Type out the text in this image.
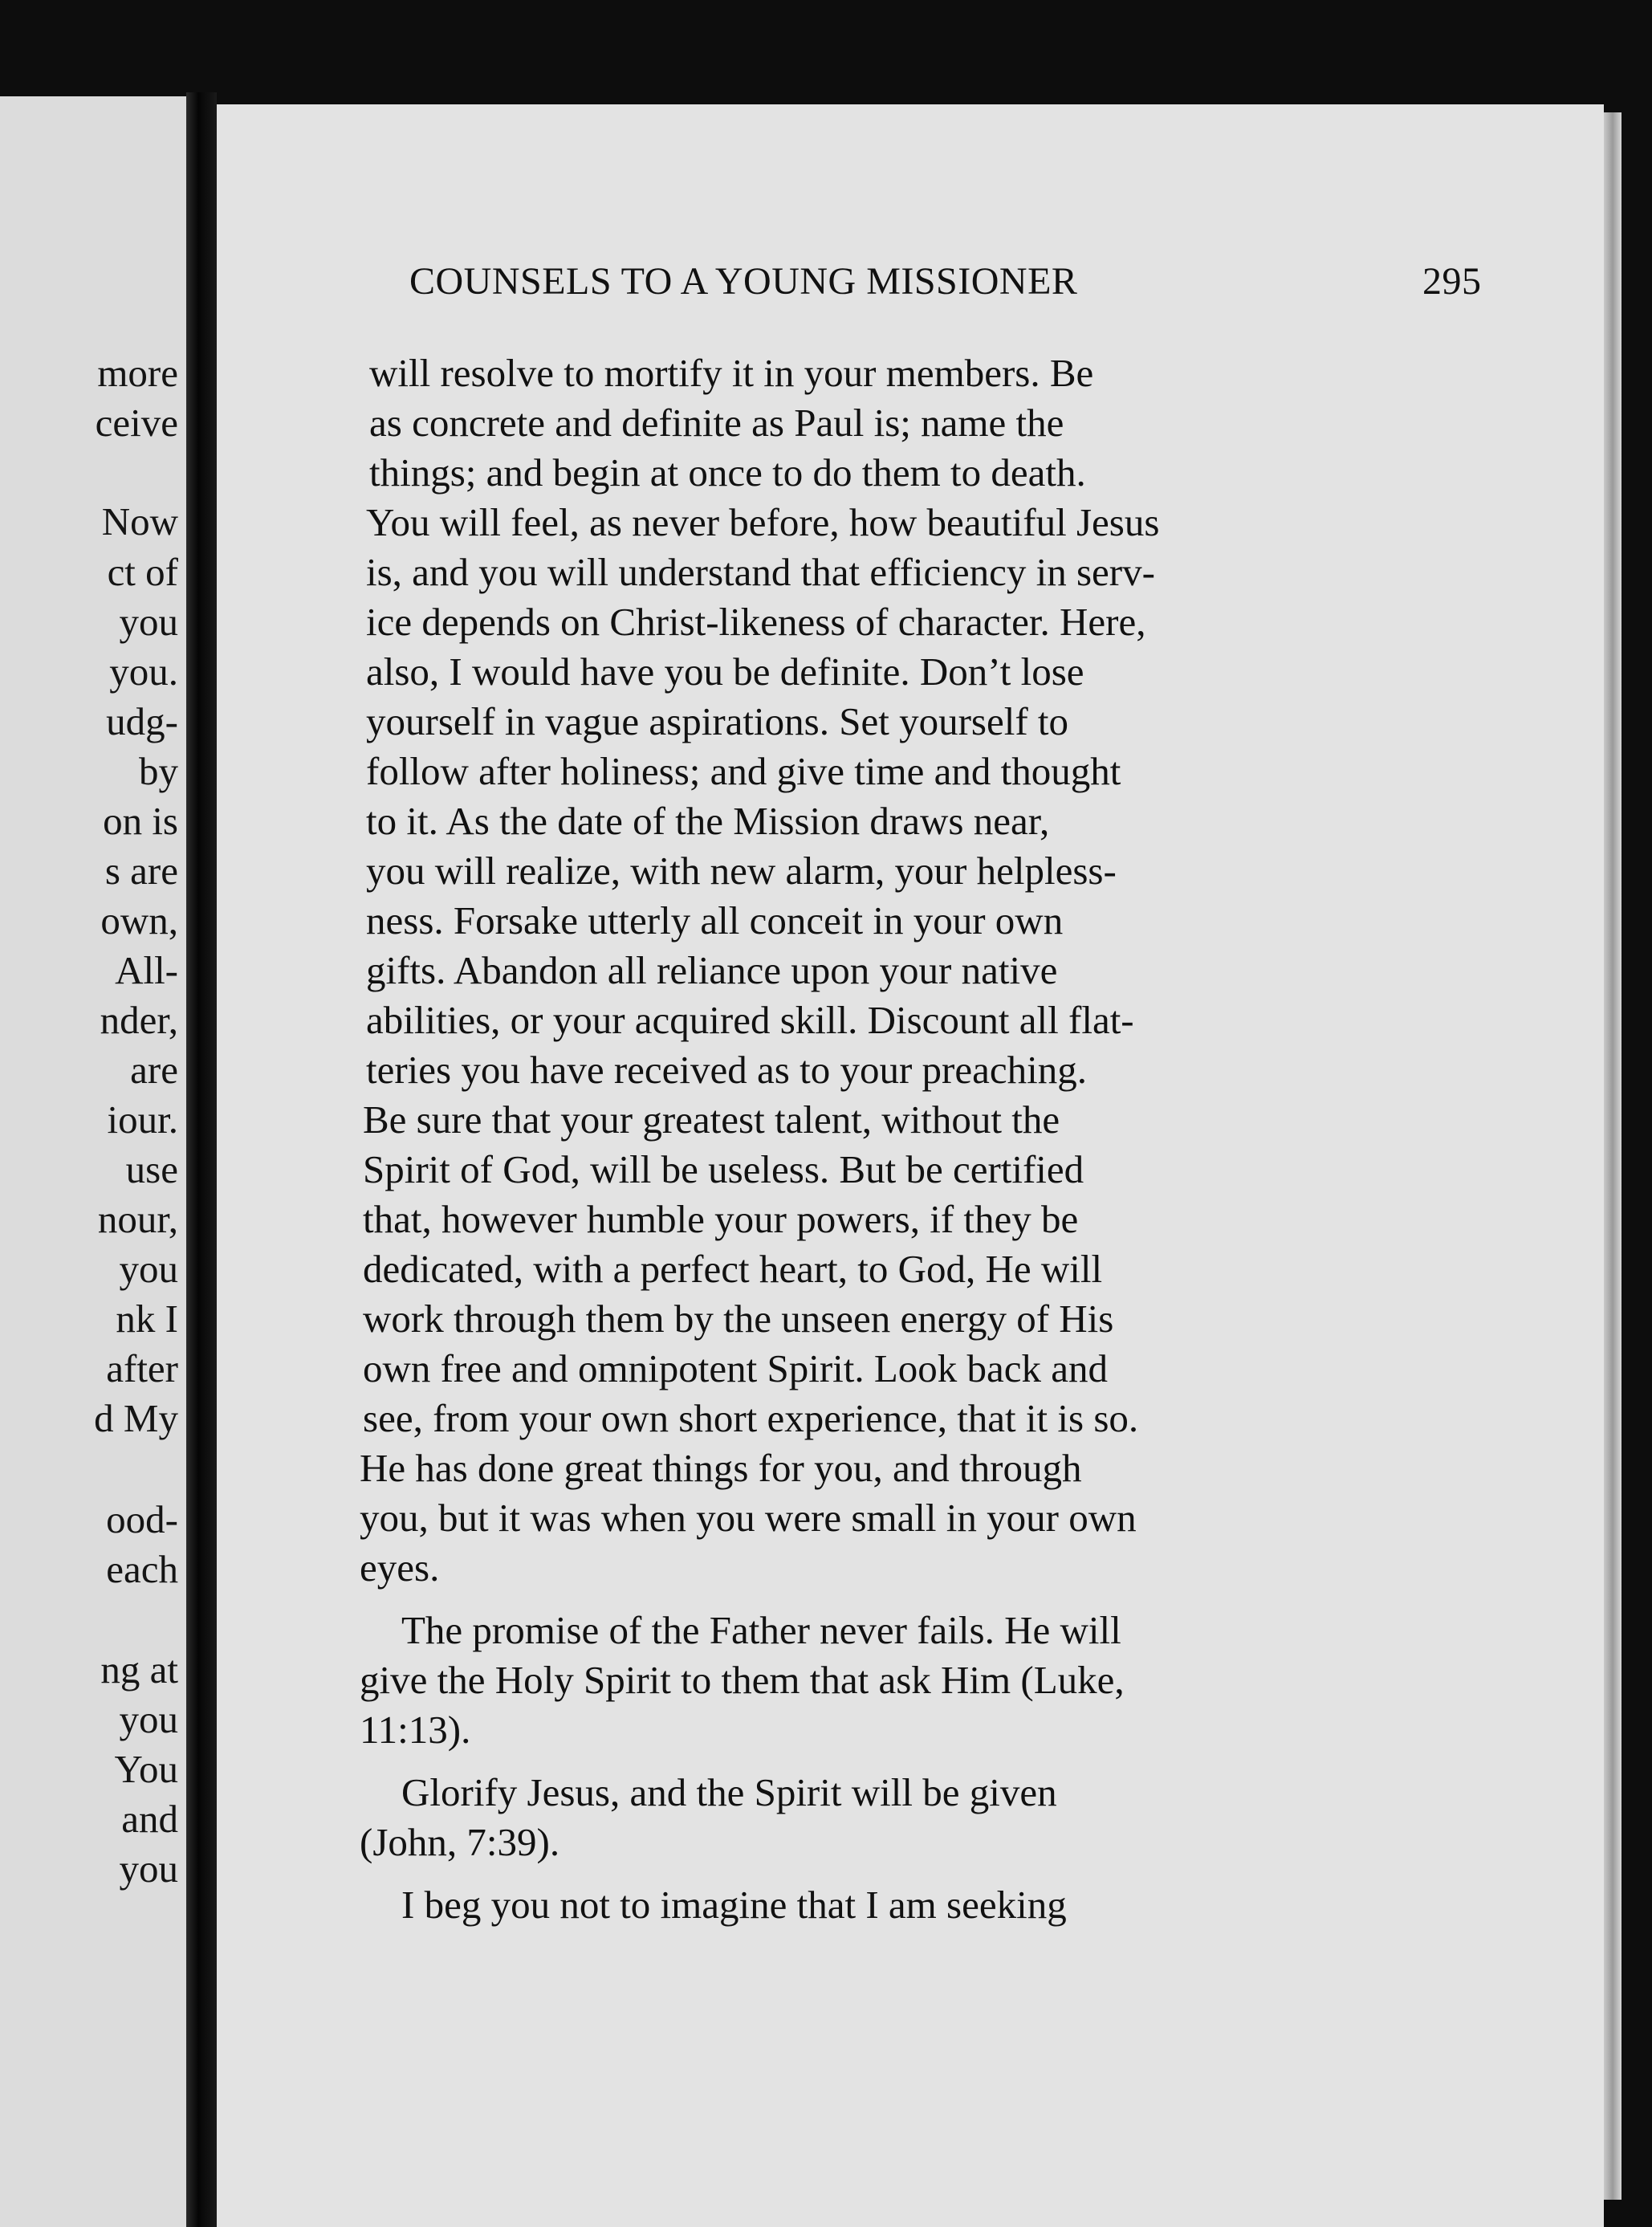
more
ceive
Now
ct of
you
you.
udg-
by
on is
s are
own,
All-
nder,
are
iour.
use
nour,
you
nk I
after
d My
ood-
each
ng at
you
You
and
you
COUNSELS TO A YOUNG MISSIONER	295
will resolve to mortify it in your members. Be
as concrete and definite as Paul is; name the
things; and begin at once to do them to death.
You will feel, as never before, how beautiful Jesus
is, and you will understand that efficiency in serv-
ice depends on Christ-likeness of character. Here,
also, I would have you be definite. Don’t lose
yourself in vague aspirations. Set yourself to
follow after holiness; and give time and thought
to it. As the date of the Mission draws near,
you will realize, with new alarm, your helpless-
ness. Forsake utterly all conceit in your own
gifts. Abandon all reliance upon your native
abilities, or your acquired skill. Discount all flat-
teries you have received as to your preaching.
Be sure that your greatest talent, without the
Spirit of God, will be useless. But be certified
that, however humble your powers, if they be
dedicated, with a perfect heart, to God, He will
work through them by the unseen energy of His
own free and omnipotent Spirit. Look back and
see, from your own short experience, that it is so.
He has done great things for you, and through
you, but it was when you were small in your own
eyes.
The promise of the Father never fails. He will
give the Holy Spirit to them that ask Him (Luke,
11:13).
Glorify Jesus, and the Spirit will be given
(John, 7:39).
I beg you not to imagine that I am seeking
